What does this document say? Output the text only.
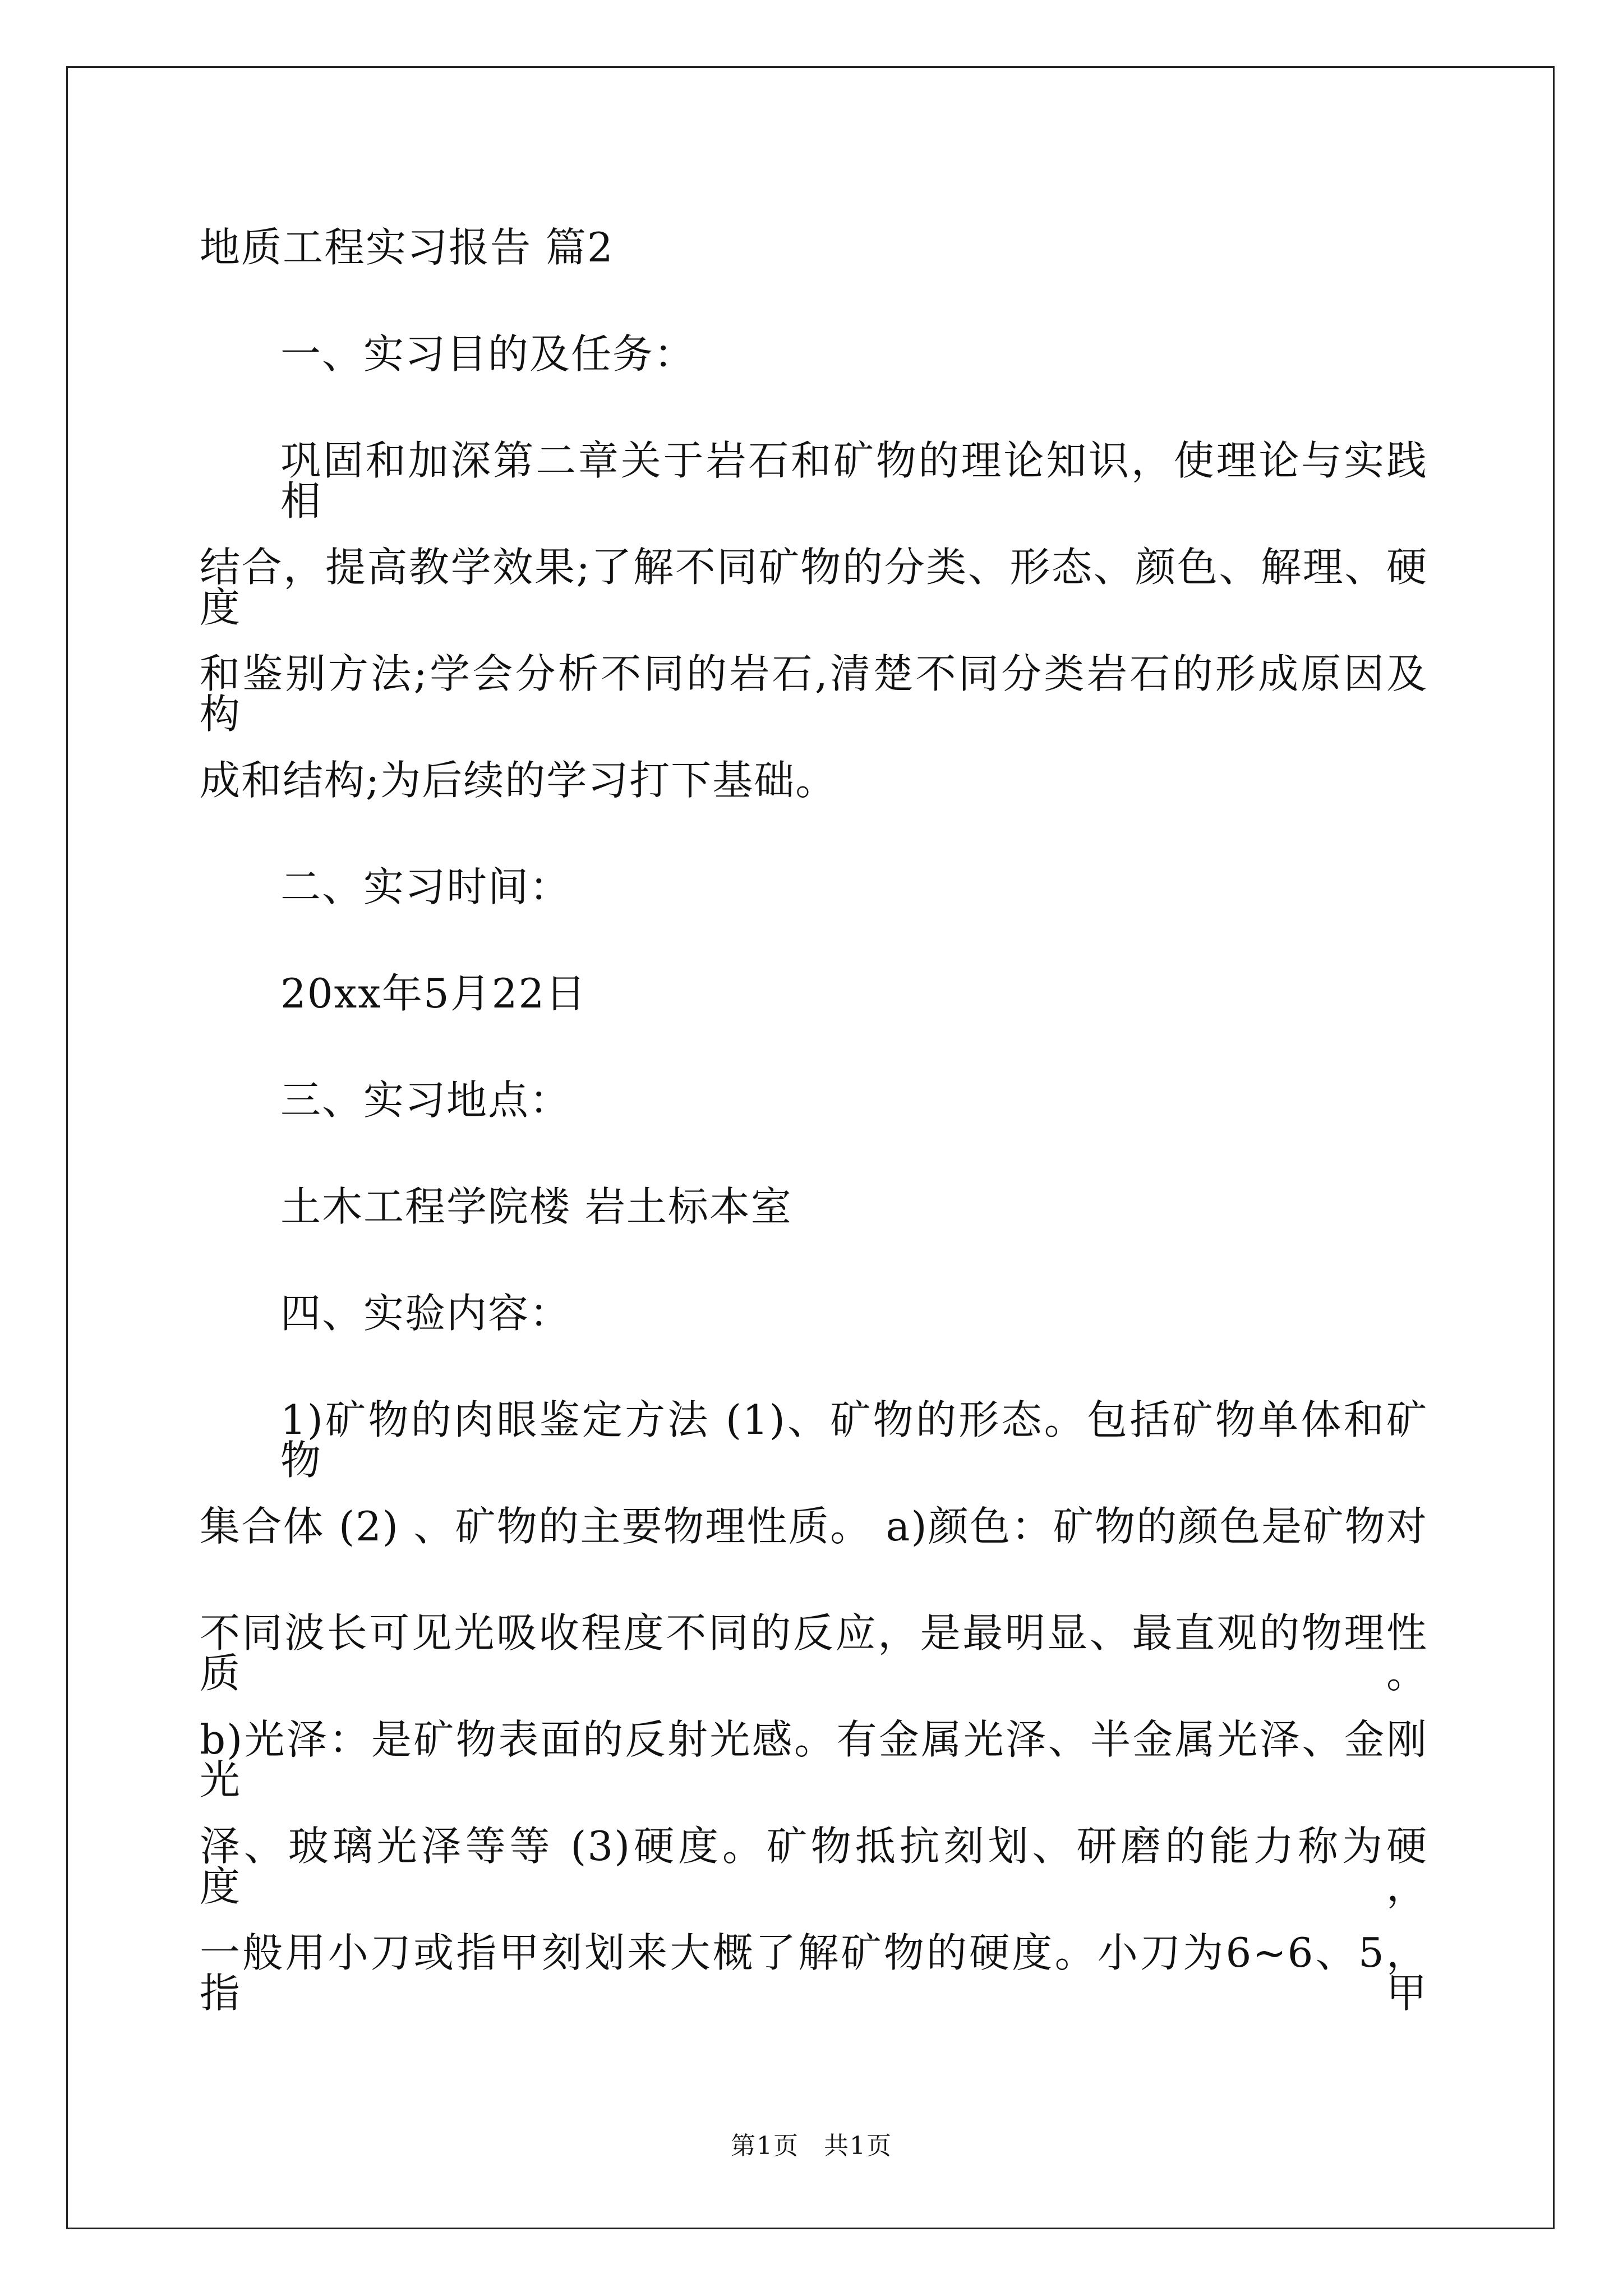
地质工程实习报告 篇2
一、实习目的及任务：
巩固和加深第二章关于岩石和矿物的理论知识，使理论与实践相
结合，提高教学效果;了解不同矿物的分类、形态、颜色、解理、硬度
和鉴别方法;学会分析不同的岩石,清楚不同分类岩石的形成原因及构
成和结构;为后续的学习打下基础。
二、实习时间：
20xx年5月22日
三、实习地点：
土木工程学院楼 岩土标本室
四、实验内容：
1)矿物的肉眼鉴定方法 (1)、矿物的形态。包括矿物单体和矿物
集合体 (2) 、矿物的主要物理性质。 a)颜色：矿物的颜色是矿物对
不同波长可见光吸收程度不同的反应，是最明显、最直观的物理性质。
b)光泽：是矿物表面的反射光感。有金属光泽、半金属光泽、金刚光
泽、玻璃光泽等等 (3)硬度。矿物抵抗刻划、研磨的能力称为硬度，
一般用小刀或指甲刻划来大概了解矿物的硬度。小刀为6~6、5，指甲
第1页 共1页
